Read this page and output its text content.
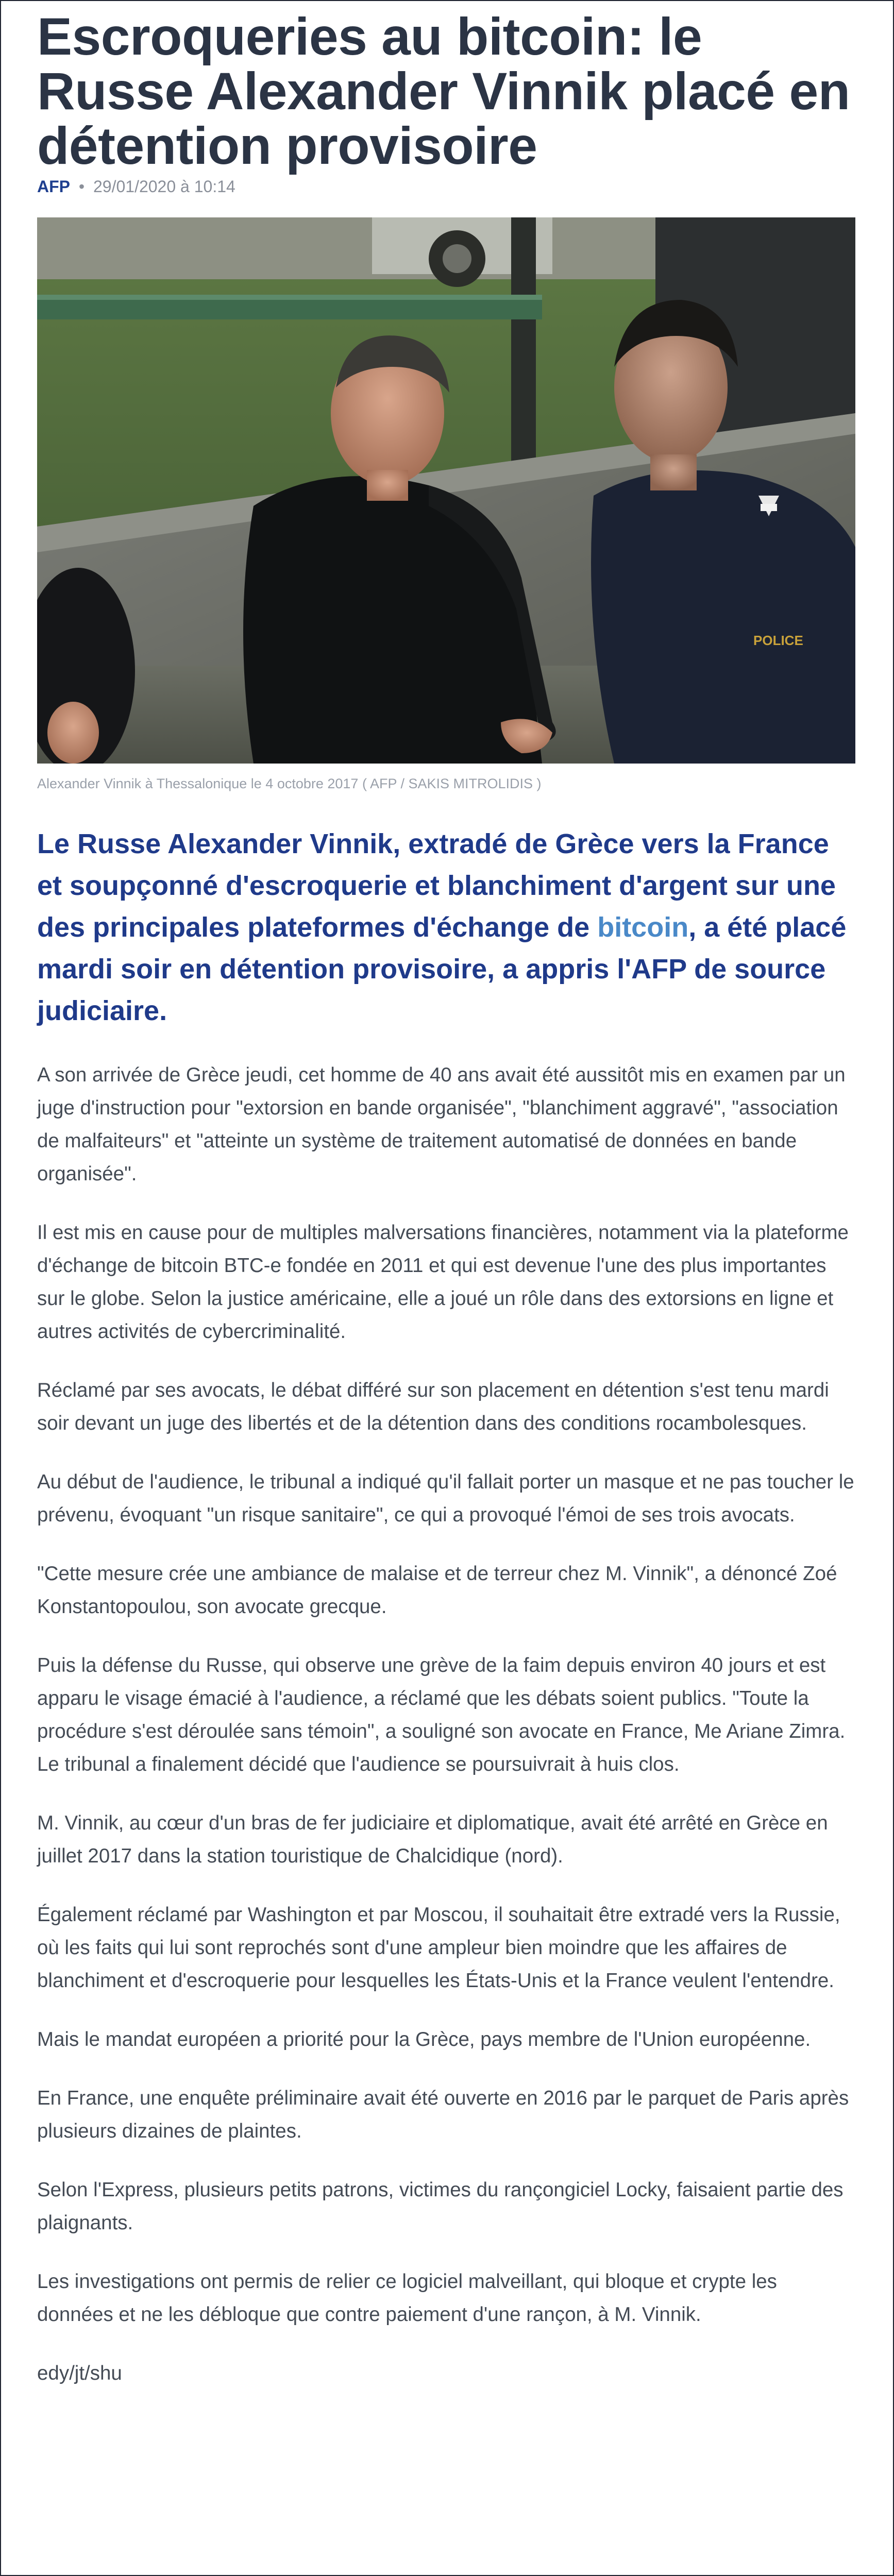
Escroqueries au bitcoin: le Russe Alexander Vinnik placé en détention provisoire
AFP • 29/01/2020 à 10:14
POLICE
Alexander Vinnik à Thessalonique le 4 octobre 2017 ( AFP / SAKIS MITROLIDIS )
Le Russe Alexander Vinnik, extradé de Grèce vers la France et soupçonné d'escroquerie et blanchiment d'argent sur une des principales plateformes d'échange de bitcoin, a été placé mardi soir en détention provisoire, a appris l'AFP de source judiciaire.

A son arrivée de Grèce jeudi, cet homme de 40 ans avait été aussitôt mis en examen par un juge d'instruction pour "extorsion en bande organisée", "blanchiment aggravé", "association de malfaiteurs" et "atteinte un système de traitement automatisé de données en bande organisée".

Il est mis en cause pour de multiples malversations financières, notamment via la plateforme d'échange de bitcoin BTC-e fondée en 2011 et qui est devenue l'une des plus importantes sur le globe. Selon la justice américaine, elle a joué un rôle dans des extorsions en ligne et autres activités de cybercriminalité.

Réclamé par ses avocats, le débat différé sur son placement en détention s'est tenu mardi soir devant un juge des libertés et de la détention dans des conditions rocambolesques.

Au début de l'audience, le tribunal a indiqué qu'il fallait porter un masque et ne pas toucher le prévenu, évoquant "un risque sanitaire", ce qui a provoqué l'émoi de ses trois avocats.

"Cette mesure crée une ambiance de malaise et de terreur chez M. Vinnik", a dénoncé Zoé Konstantopoulou, son avocate grecque.

Puis la défense du Russe, qui observe une grève de la faim depuis environ 40 jours et est apparu le visage émacié à l'audience, a réclamé que les débats soient publics. "Toute la procédure s'est déroulée sans témoin", a souligné son avocate en France, Me Ariane Zimra. Le tribunal a finalement décidé que l'audience se poursuivrait à huis clos.

M. Vinnik, au cœur d'un bras de fer judiciaire et diplomatique, avait été arrêté en Grèce en juillet 2017 dans la station touristique de Chalcidique (nord).

Également réclamé par Washington et par Moscou, il souhaitait être extradé vers la Russie, où les faits qui lui sont reprochés sont d'une ampleur bien moindre que les affaires de blanchiment et d'escroquerie pour lesquelles les États-Unis et la France veulent l'entendre.

Mais le mandat européen a priorité pour la Grèce, pays membre de l'Union européenne.

En France, une enquête préliminaire avait été ouverte en 2016 par le parquet de Paris après plusieurs dizaines de plaintes.

Selon l'Express, plusieurs petits patrons, victimes du rançongiciel Locky, faisaient partie des plaignants.

Les investigations ont permis de relier ce logiciel malveillant, qui bloque et crypte les données et ne les débloque que contre paiement d'une rançon, à M. Vinnik.

edy/jt/shu
